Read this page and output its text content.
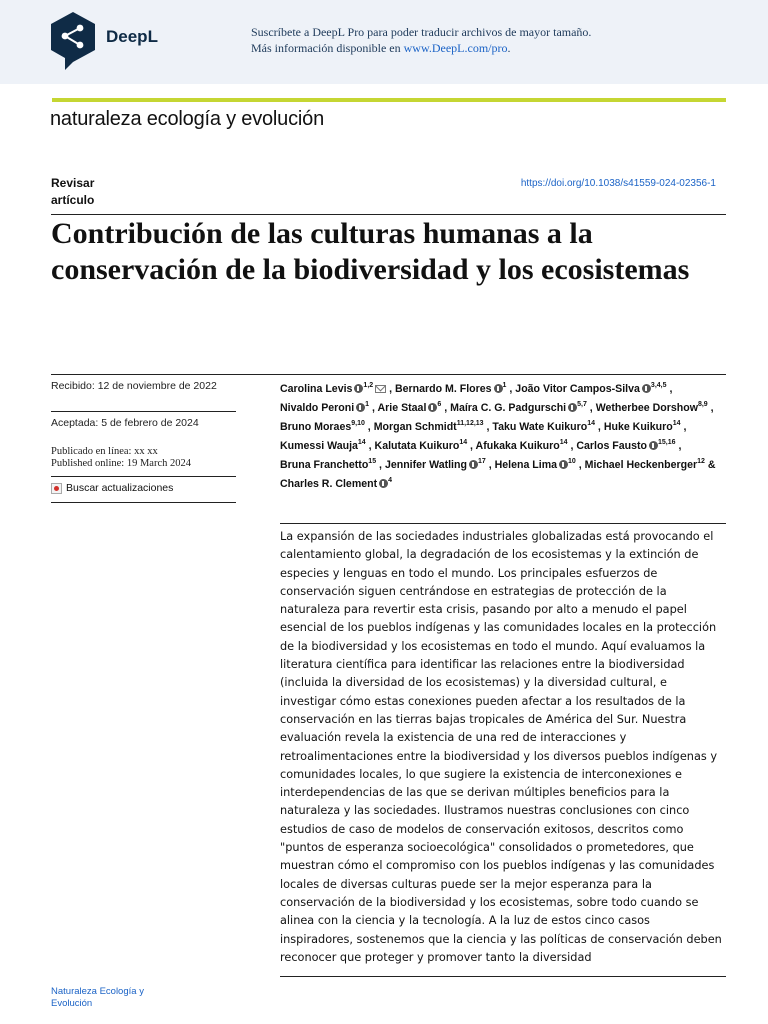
DeepL	Suscríbete a DeepL Pro para poder traducir archivos de mayor tamaño.
Más información disponible en www.DeepL.com/pro.
naturaleza ecología y evolución
Revisar
artículo
https://doi.org/10.1038/s41559-024-02356-1
Contribución de las culturas humanas a la conservación de la biodiversidad y los ecosistemas
Recibido: 12 de noviembre de 2022
Aceptada: 5 de febrero de 2024
Publicado en línea: xx xx
Published online: 19 March 2024
Buscar actualizaciones
Carolina Levis $^{1,2}$ , Bernardo M. Flores $^1$ , João Vitor Campos-Silva $^{3,4,5}$ , Nivaldo Peroni $^1$ , Arie Staal $^6$ , Maíra C. G. Padgurschi $^{5,7}$ , Wetherbee Dorshow$^{8,9}$ , Bruno Moraes$^{9,10}$ , Morgan Schmidt$^{11,12,13}$ , Taku Wate Kuikuro$^{14}$ , Huke Kuikuro$^{14}$ , Kumessi Wauja$^{14}$ , Kalutata Kuikuro$^{14}$ , Afukaka Kuikuro$^{14}$ , Carlos Fausto $^{15,16}$ , Bruna Franchetto$^{15}$ , Jennifer Watling $^{17}$ , Helena Lima $^{10}$ , Michael Heckenberger$^{12}$ & Charles R. Clement $^4$

La expansión de las sociedades industriales globalizadas está provocando el calentamiento global, la degradación de los ecosistemas y la extinción de especies y lenguas en todo el mundo. Los principales esfuerzos de conservación siguen centrándose en estrategias de protección de la naturaleza para revertir esta crisis, pasando por alto a menudo el papel esencial de los pueblos indígenas y las comunidades locales en la protección de la biodiversidad y los ecosistemas en todo el mundo. Aquí evaluamos la literatura científica para identificar las relaciones entre la biodiversidad (incluida la diversidad de los ecosistemas) y la diversidad cultural, e investigar cómo estas conexiones pueden afectar a los resultados de la conservación en las tierras bajas tropicales de América del Sur. Nuestra evaluación revela la existencia de una red de interacciones y retroalimentaciones entre la biodiversidad y los diversos pueblos indígenas y comunidades locales, lo que sugiere la existencia de interconexiones e interdependencias de las que se derivan múltiples beneficios para la naturaleza y las sociedades. Ilustramos nuestras conclusiones con cinco estudios de caso de modelos de conservación exitosos, descritos como "puntos de esperanza socioecológica" consolidados o prometedores, que muestran cómo el compromiso con los pueblos indígenas y las comunidades locales de diversas culturas puede ser la mejor esperanza para la conservación de la biodiversidad y los ecosistemas, sobre todo cuando se alinea con la ciencia y la tecnología. A la luz de estos cinco casos inspiradores, sostenemos que la ciencia y las políticas de conservación deben reconocer que proteger y promover tanto la diversidad

Naturaleza Ecología y Evolución
